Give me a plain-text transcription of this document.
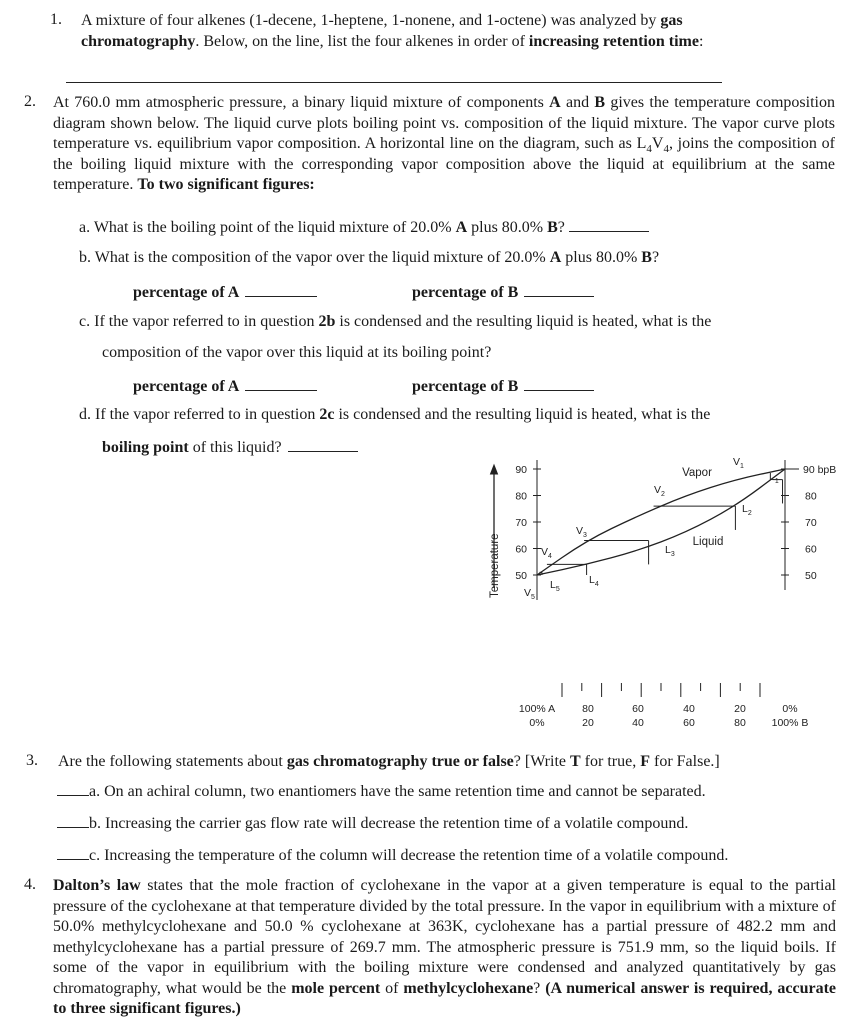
1. A mixture of four alkenes (1-decene, 1-heptene, 1-nonene, and 1-octene) was analyzed by gas chromatography. Below, on the line, list the four alkenes in order of increasing retention time:

2. At 760.0 mm atmospheric pressure, a binary liquid mixture of components A and B gives the temperature composition diagram shown below. The liquid curve plots boiling point vs. composition of the liquid mixture. The vapor curve plots temperature vs. equilibrium vapor composition. A horizontal line on the diagram, such as $L_4V_4$, joins the composition of the boiling liquid mixture with the corresponding vapor composition above the liquid at equilibrium at the same temperature. To two significant figures:

a. What is the boiling point of the liquid mixture of 20.0% A plus 80.0% B?

b. What is the composition of the vapor over the liquid mixture of 20.0% A plus 80.0% B?

percentage of A	percentage of B

c. If the vapor referred to in question 2b is condensed and the resulting liquid is heated, what is the

composition of the vapor over this liquid at its boiling point?

percentage of A	percentage of B

d. If the vapor referred to in question 2c is condensed and the resulting liquid is heated, what is the

boiling point of this liquid?

Temperature
90
80
70
60
50
90 bpB
80
70
60
50
100% A	80	60	40	20	0%
0%	20	40	60	80 100% B
Vapor
Liquid
$V_1$
$L_1$
$V_2$
$L_2$
$V_3$
$L_3$
$V_4$
$L_4$
$L_5$
$V_5$
3. Are the following statements about gas chromatography true or false? [Write T for true, F for False.]

a. On an achiral column, two enantiomers have the same retention time and cannot be separated.

b. Increasing the carrier gas flow rate will decrease the retention time of a volatile compound.

c. Increasing the temperature of the column will decrease the retention time of a volatile compound.

4. Dalton’s law states that the mole fraction of cyclohexane in the vapor at a given temperature is equal to the partial pressure of the cyclohexane at that temperature divided by the total pressure. In the vapor in equilibrium with a mixture of 50.0% methylcyclohexane and 50.0 % cyclohexane at 363K, cyclohexane has a partial pressure of 482.2 mm and methylcyclohexane has a partial pressure of 269.7 mm. The atmospheric pressure is 751.9 mm, so the liquid boils. If some of the vapor in equilibrium with the boiling mixture were condensed and analyzed quantitatively by gas chromatography, what would be the mole percent of methylcyclohexane? (A numerical answer is required, accurate to three significant figures.)
